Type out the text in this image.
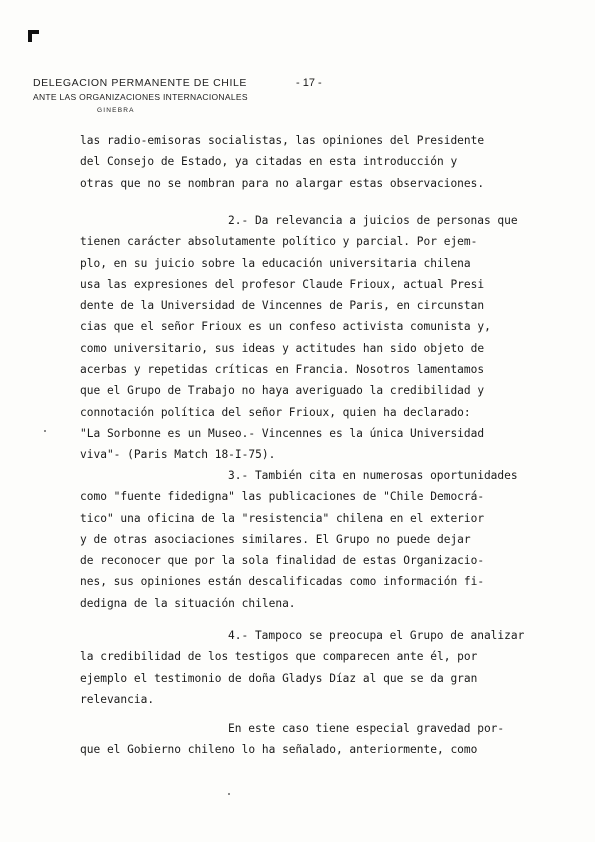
DELEGACION PERMANENTE DE CHILE
ANTE LAS ORGANIZACIONES INTERNACIONALES
GINEBRA
- 17 -
las radio-emisoras socialistas, las opiniones del Presidente
del Consejo de Estado, ya citadas en esta introducción y
otras que no se nombran para no alargar estas observaciones.
2.- Da relevancia a juicios de personas que
tienen carácter absolutamente político y parcial. Por ejem-
plo, en su juicio sobre la educación universitaria chilena
usa las expresiones del profesor Claude Frioux, actual Presi
dente de la Universidad de Vincennes de Paris, en circunstan
cias que el señor Frioux es un confeso activista comunista y,
como universitario, sus ideas y actitudes han sido objeto de
acerbas y repetidas críticas en Francia. Nosotros lamentamos
que el Grupo de Trabajo no haya averiguado la credibilidad y
connotación política del señor Frioux, quien ha declarado:
"La Sorbonne es un Museo.- Vincennes es la única Universidad
viva"- (Paris Match 18-I-75).
3.- También cita en numerosas oportunidades
como "fuente fidedigna" las publicaciones de "Chile Democrá-
tico" una oficina de la "resistencia" chilena en el exterior
y de otras asociaciones similares. El Grupo no puede dejar
de reconocer que por la sola finalidad de estas Organizacio-
nes, sus opiniones están descalificadas como información fi-
dedigna de la situación chilena.
4.- Tampoco se preocupa el Grupo de analizar
la credibilidad de los testigos que comparecen ante él, por
ejemplo el testimonio de doña Gladys Díaz al que se da gran
relevancia.
En este caso tiene especial gravedad por-
que el Gobierno chileno lo ha señalado, anteriormente, como
